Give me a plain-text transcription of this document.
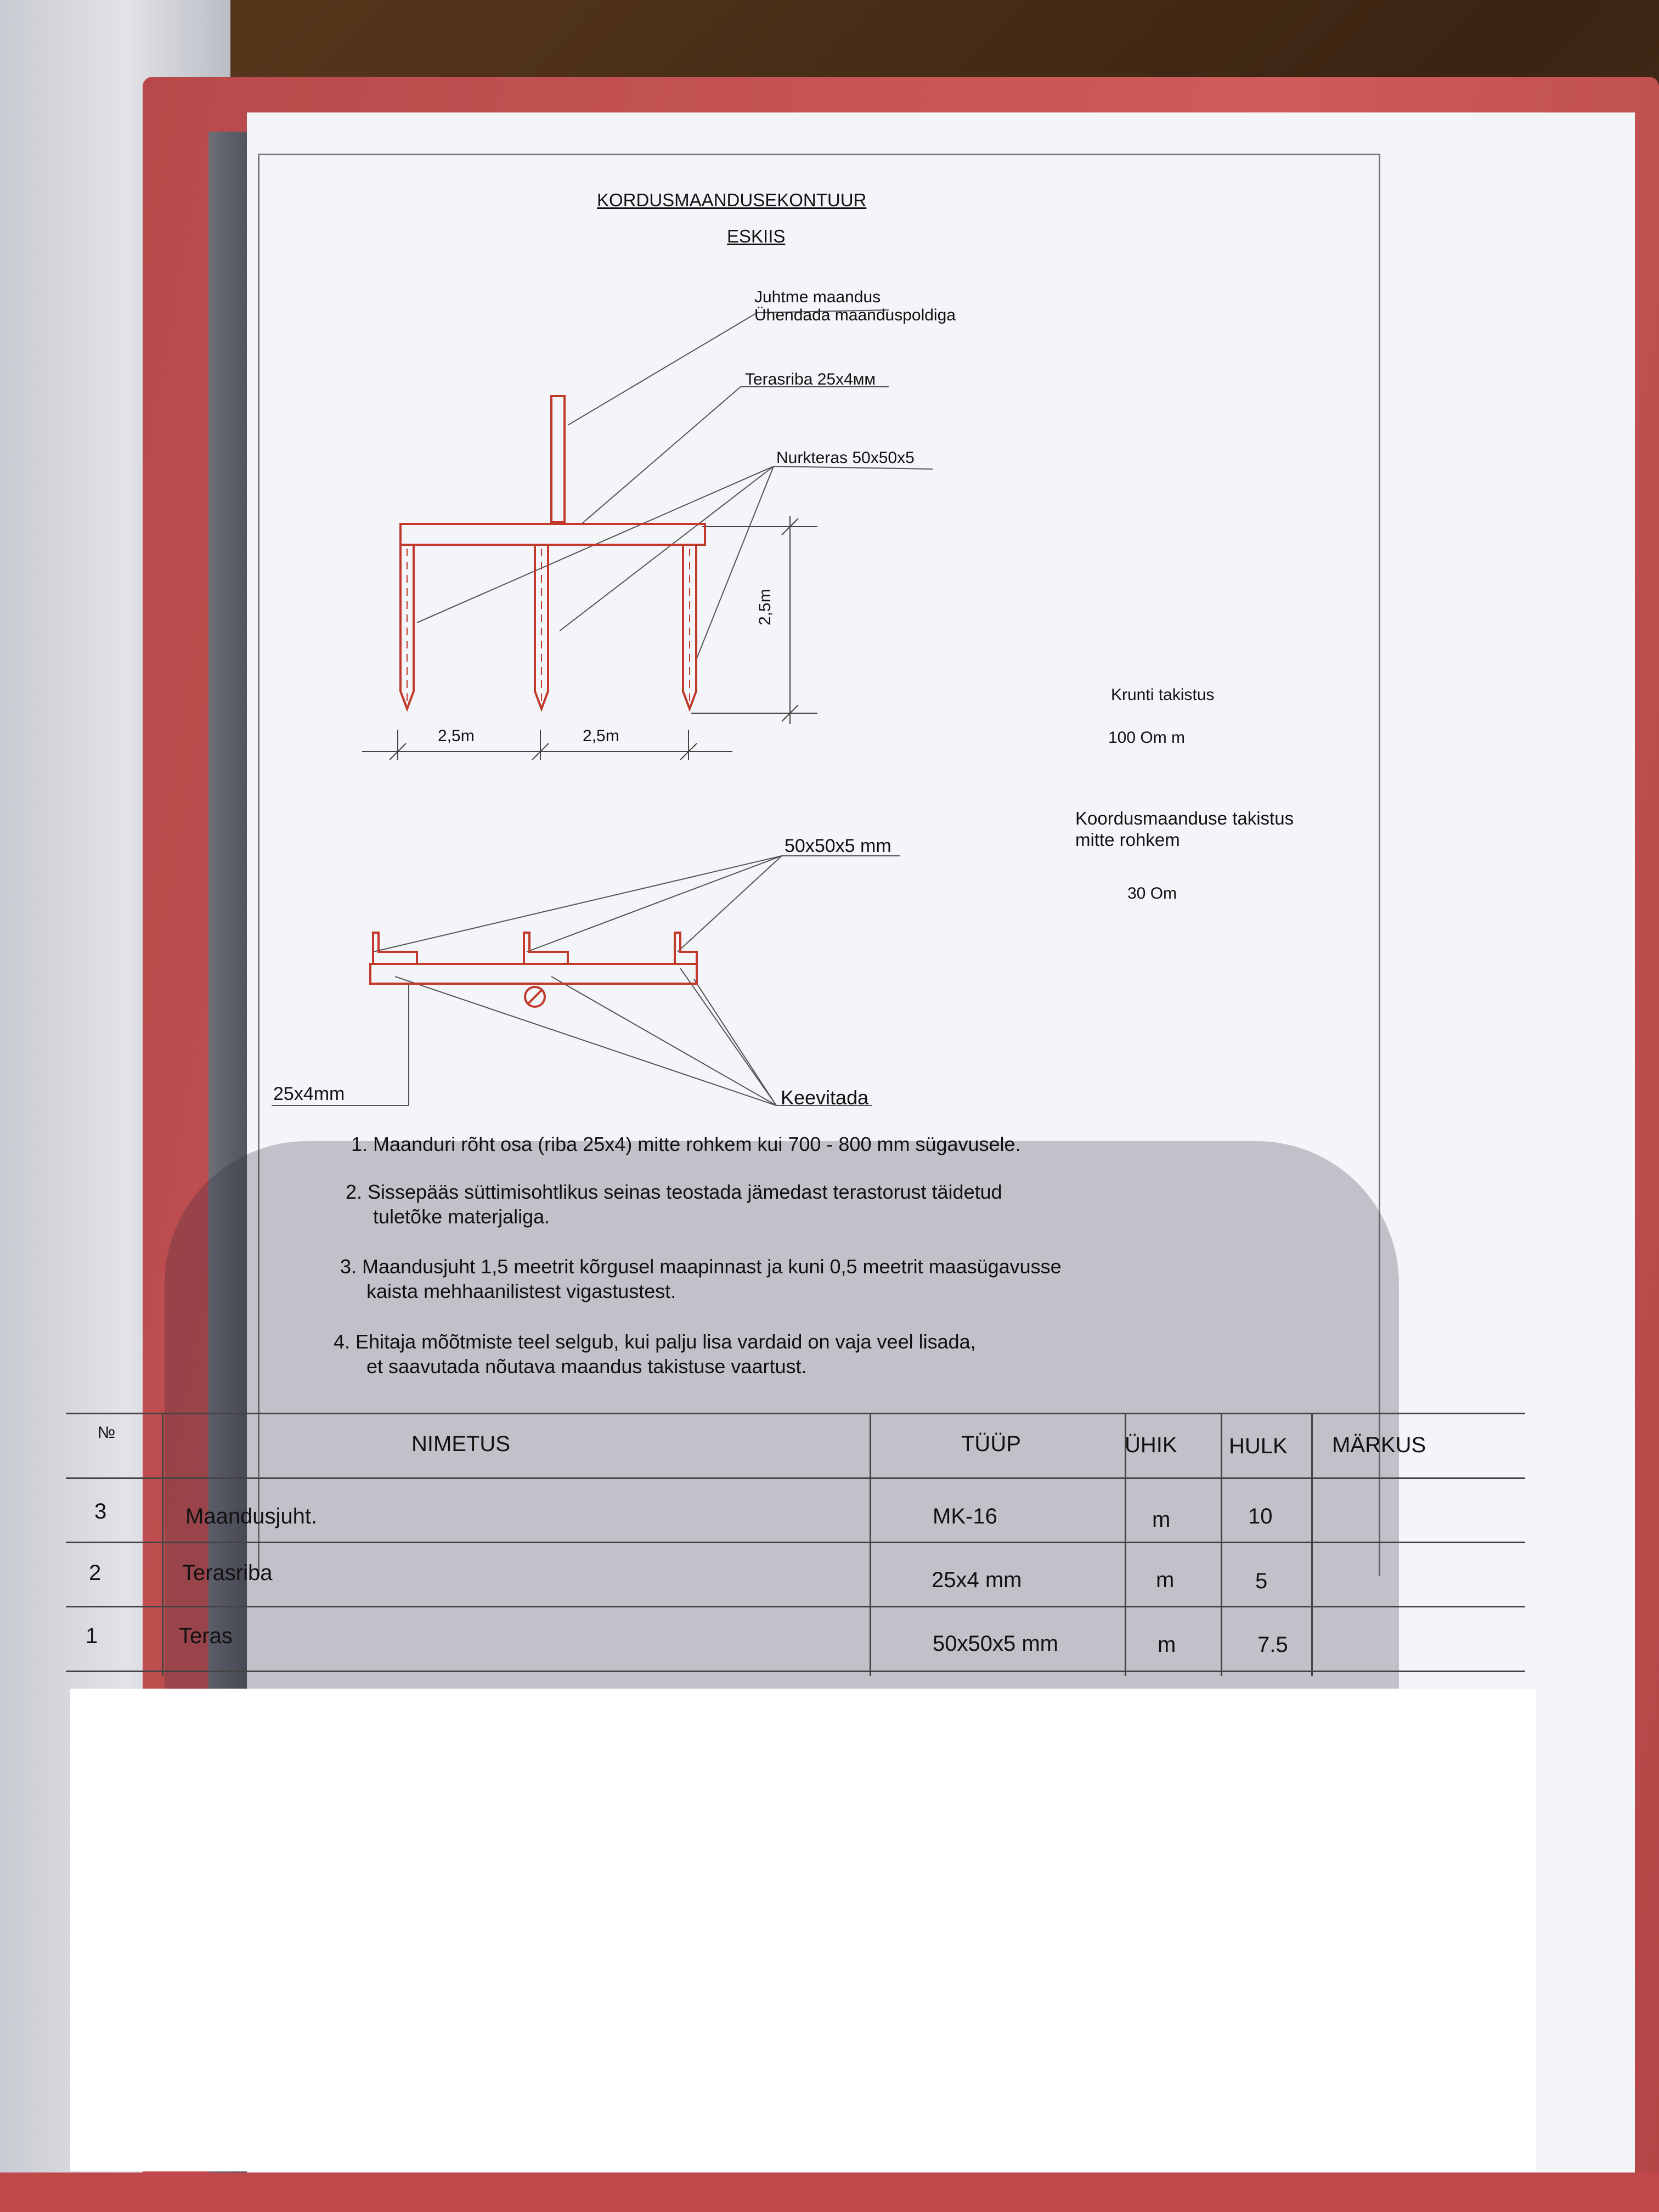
KORDUSMAANDUSEKONTUUR
ESKIIS
Juhtme maandus
Ühendada maanduspoldiga
Terasriba 25x4мм
Nurkteras 50x50x5
2,5m
2,5m	2,5m
50x50x5 mm
25x4mm	Keevitada
Krunti takistus
100 Om m
Koordusmaanduse takistus
mitte rohkem
30 Om
1. Maanduri rõht osa (riba 25x4) mitte rohkem kui 700 - 800 mm sügavusele.
2. Sissepääs süttimisohtlikus seinas teostada jämedast terastorust täidetud
tuletõke materjaliga.
3. Maandusjuht 1,5 meetrit kõrgusel maapinnast ja kuni 0,5 meetrit maasügavusse
kaista mehhaanilistest vigastustest.
4. Ehitaja mõõtmiste teel selgub, kui palju lisa vardaid on vaja veel lisada,
et saavutada nõutava maandus takistuse vaartust.
№	NIMETUS	TÜÜP	ÜHIK HULK MÄRKUS
3	Maandusjuht.	MK-16	m	10
2	Terasriba	25x4 mm	m	5
1	Teras	50x50x5 mm	m	7.5
